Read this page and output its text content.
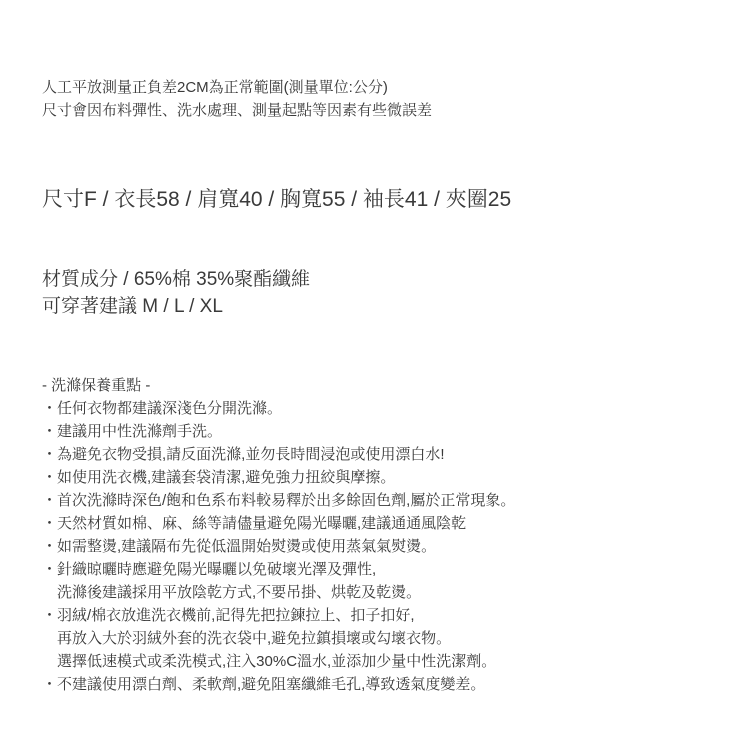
人工平放測量正負差2CM為正常範圍(測量單位:公分)
尺寸會因布料彈性、洗水處理、測量起點等因素有些微誤差
尺寸F / 衣長58 / 肩寬40 / 胸寬55 / 袖長41 / 夾圈25
材質成分 / 65%棉 35%聚酯纖維
可穿著建議 M / L / XL
- 洗滌保養重點 -
・任何衣物都建議深淺色分開洗滌。
・建議用中性洗滌劑手洗。
・為避免衣物受損,請反面洗滌,並勿長時間浸泡或使用漂白水!
・如使用洗衣機,建議套袋清潔,避免強力扭絞與摩擦。
・首次洗滌時深色/飽和色系布料較易釋於出多餘固色劑,屬於正常現象。
・天然材質如棉、麻、絲等請儘量避免陽光曝曬,建議通通風陰乾
・如需整燙,建議隔布先從低溫開始熨燙或使用蒸氣氣熨燙。
・針織晾曬時應避免陽光曝曬以免破壞光澤及彈性,
洗滌後建議採用平放陰乾方式,不要吊掛、烘乾及乾燙。
・羽絨/棉衣放進洗衣機前,記得先把拉鍊拉上、扣子扣好,
再放入大於羽絨外套的洗衣袋中,避免拉鎮損壞或勾壞衣物。
選擇低速模式或柔洗模式,注入30%C溫水,並添加少量中性洗潔劑。
・不建議使用漂白劑、柔軟劑,避免阻塞纖維毛孔,導致透氣度變差。
